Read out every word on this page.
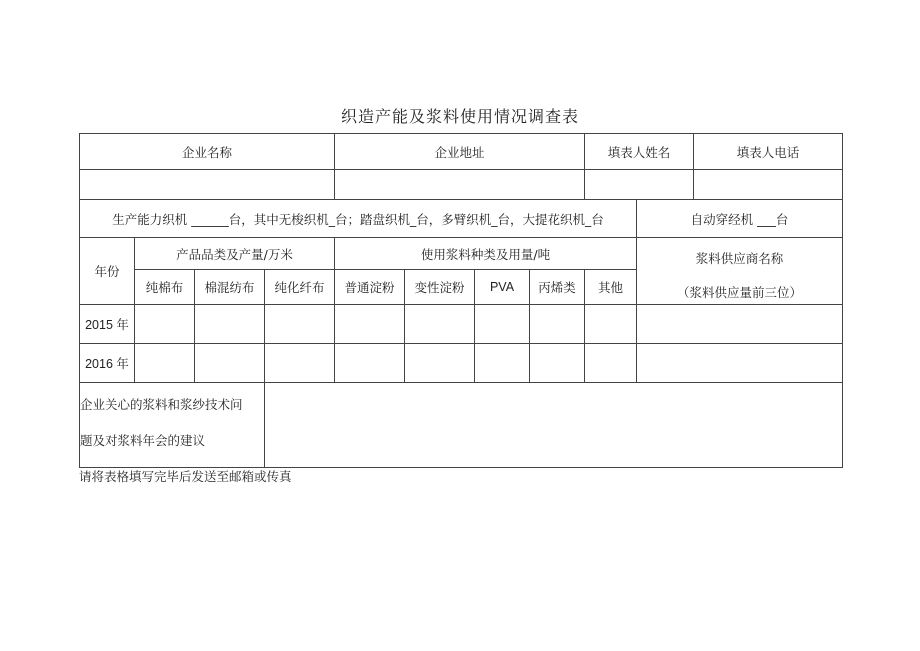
织造产能及浆料使用情况调查表
企业名称				企业地址				填表人姓名 填表人电话	

生产能力织机 ______台，其中无梭织机_台；踏盘织机_台，多臂织机_台，大提花织机_台									自动穿经机 ___台
年份	产品品类及产量/万米			使用浆料种类及用量/吨					浆料供应商名称
（浆料供应量前三位）

	纯棉布	棉混纺布	纯化纤布	普通淀粉	变性淀粉	PVA	丙烯类	其他	
2015 年									
2016 年									

企业关心的浆料和浆纱技术问
题及对浆料年会的建议									

请将表格填写完毕后发送至邮箱或传真
